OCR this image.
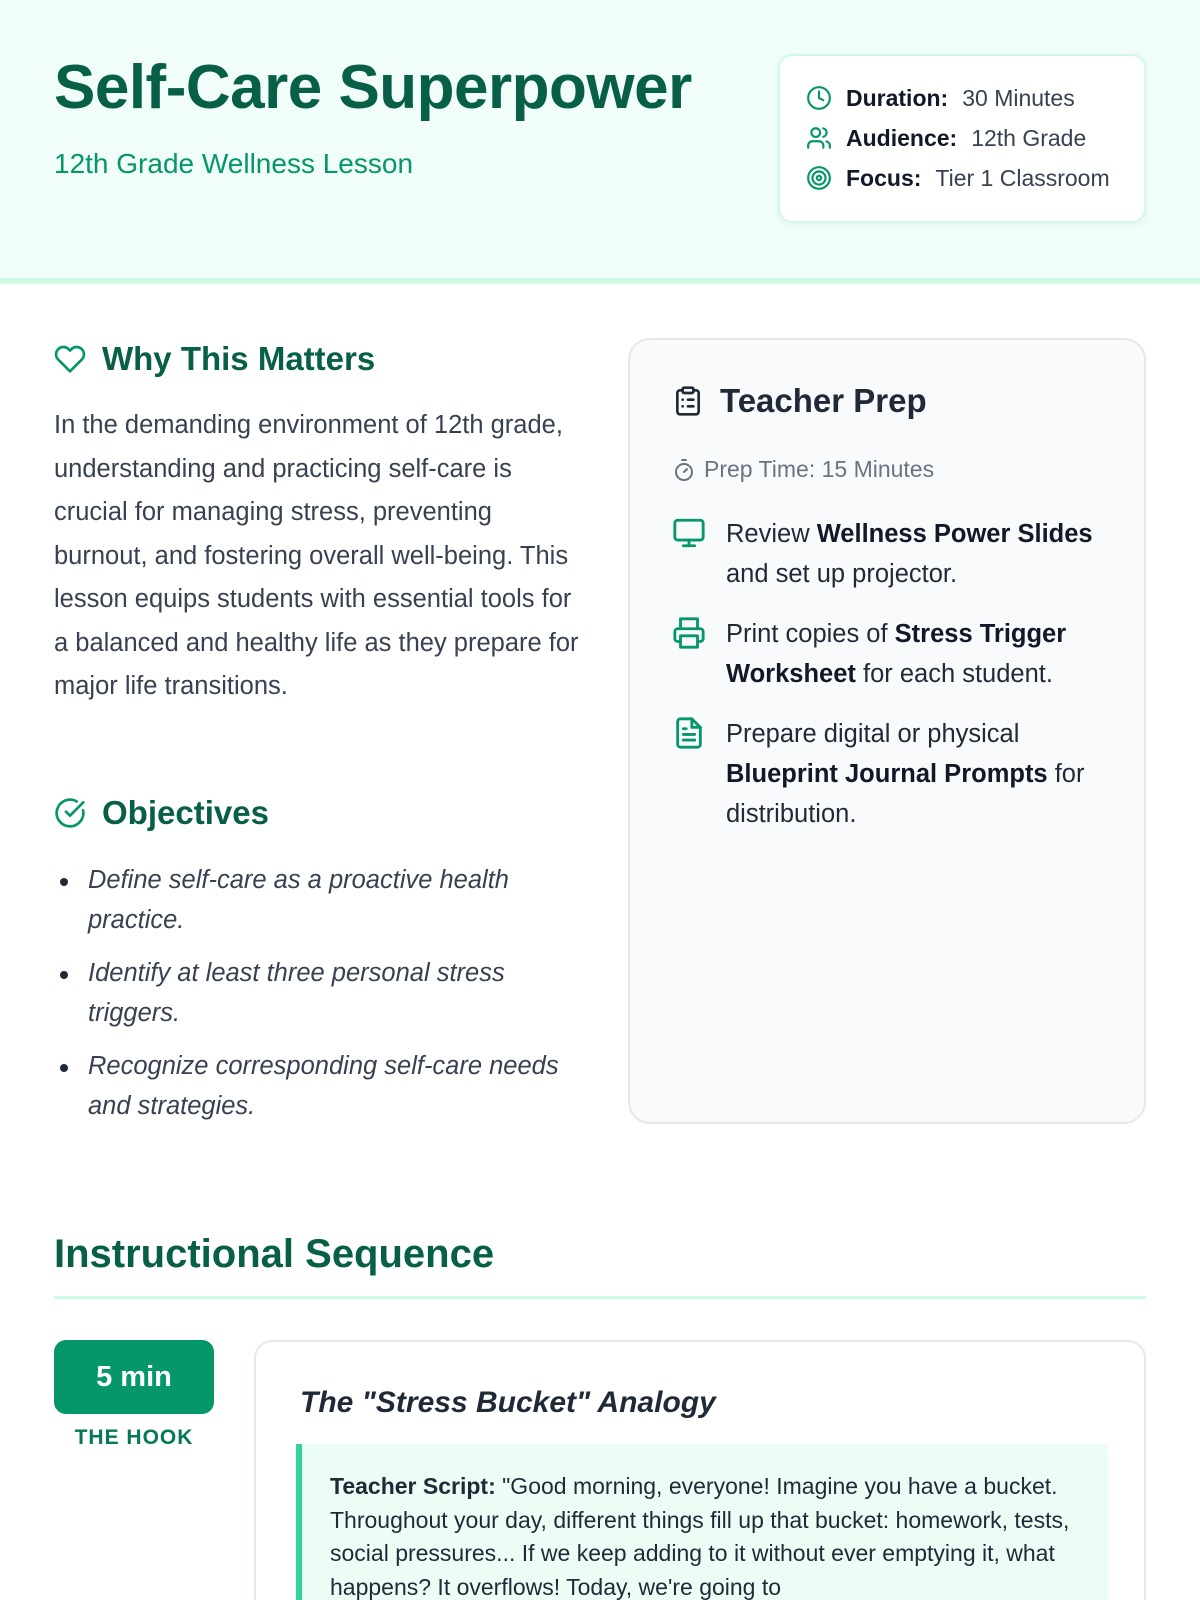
Self-Care Superpower
12th Grade Wellness Lesson
Duration: 30 Minutes
Audience: 12th Grade
Focus: Tier 1 Classroom
Why This Matters

In the demanding environment of 12th grade, understanding and practicing self-care is crucial for managing stress, preventing burnout, and fostering overall well-being. This lesson equips students with essential tools for a balanced and healthy life as they prepare for major life transitions.

Objectives
Define self-care as a proactive health practice.
Identify at least three personal stress triggers.
Recognize corresponding self-care needs and strategies.
Teacher Prep
Prep Time: 15 Minutes

Review Wellness Power Slides and set up projector.

Print copies of Stress Trigger Worksheet for each student.

Prepare digital or physical Blueprint Journal Prompts for distribution.

Instructional Sequence
5 min
THE HOOK
The "Stress Bucket" Analogy
Teacher Script: "Good morning, everyone! Imagine you have a bucket. Throughout your day, different things fill up that bucket: homework, tests, social pressures... If we keep adding to it without ever emptying it, what happens? It overflows! Today, we're going to
